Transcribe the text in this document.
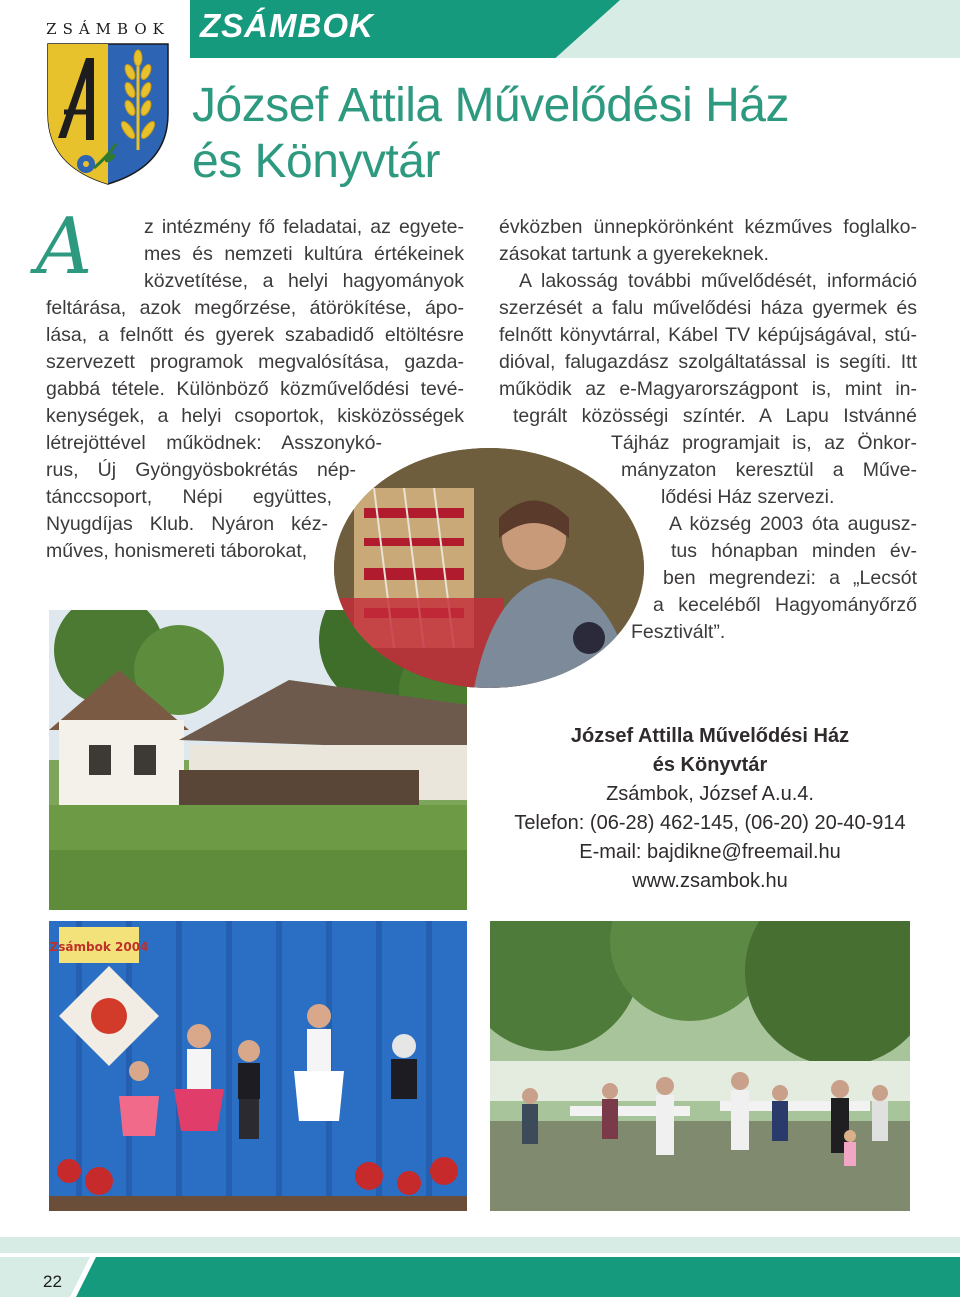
ZSÁMBOK
ZSÁMBOK
József Attila Művelődési Ház
és Könyvtár
A	z intézmény fő feladatai, az egyete-

mes és nemzeti kultúra értékeinek

közvetítése, a helyi hagyományok

feltárása, azok megőrzése, átörökítése, ápo-

lása, a felnőtt és gyerek szabadidő eltöltésre

szervezett programok megvalósítása, gazda-

gabbá tétele. Különböző közművelődési tevé-

kenységek, a helyi csoportok, kisközösségek

létrejöttével működnek: Asszonykó-

rus, Új Gyöngyösbokrétás nép-

tánccsoport, Népi együttes,

Nyugdíjas Klub. Nyáron kéz-

műves, honismereti táborokat,

évközben ünnepkörönként kézműves foglalko-

zásokat tartunk a gyerekeknek.

A lakosság további művelődését, információ

szerzését a falu művelődési háza gyermek és

felnőtt könyvtárral, Kábel TV képújságával, stú-

dióval, falugazdász szolgáltatással is segíti. Itt

működik az e-Magyarországpont is, mint in-

tegrált közösségi színtér. A Lapu Istvánné

Tájház programjait is, az Önkor-

mányzaton keresztül a Műve-

lődési Ház szervezi.

A község 2003 óta augusz-

tus hónapban minden év-

ben megrendezi: a „Lecsót

a keceléből Hagyományőrző

Fesztivált”.

József Attilla Művelődési Ház
és Könyvtár
Zsámbok, József A.u.4.
Telefon: (06-28) 462-145, (06-20) 20-40-914
E-mail: bajdikne@freemail.hu
www.zsambok.hu
Zsámbok 2004
22
